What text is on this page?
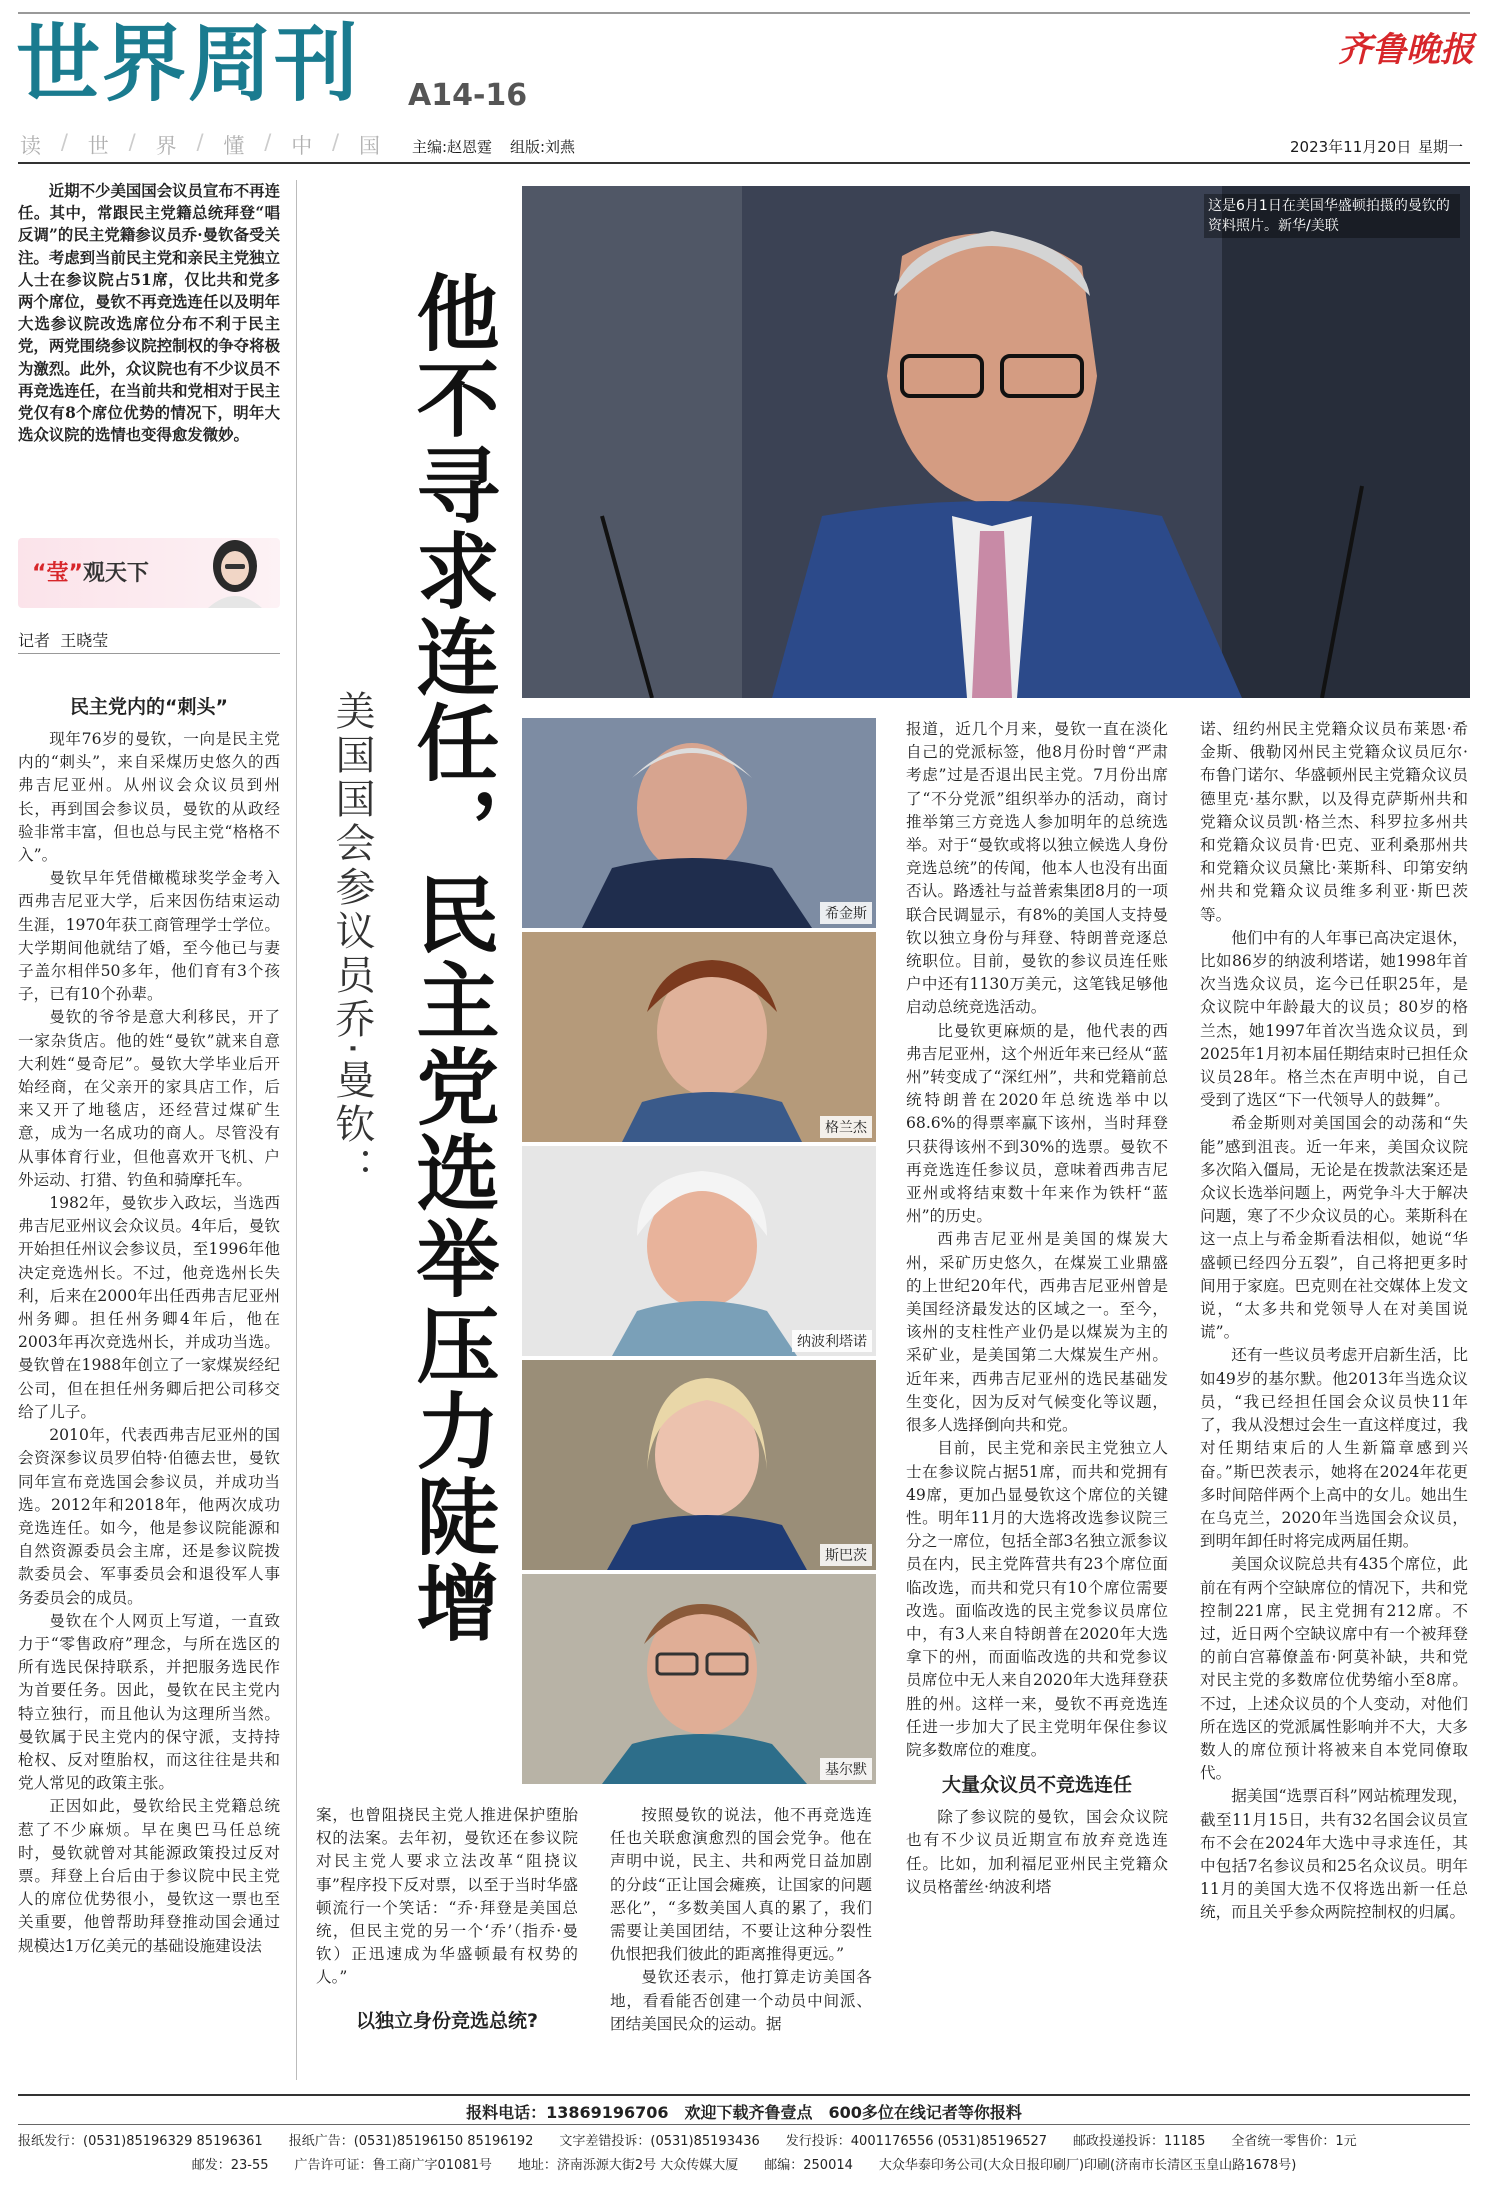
世界周刊 A14-16
齐鲁晚报
读 / 世 / 界 / 懂 / 中 / 国 主编:赵恩霆 组版:刘燕	2023年11月20日 星期一

近期不少美国国会议员宣布不再连任。其中，常跟民主党籍总统拜登“唱反调”的民主党籍参议员乔·曼钦备受关注。考虑到当前民主党和亲民主党独立人士在参议院占51席，仅比共和党多两个席位，曼钦不再竞选连任以及明年大选参议院改选席位分布不利于民主党，两党围绕参议院控制权的争夺将极为激烈。此外，众议院也有不少议员不再竞选连任，在当前共和党相对于民主党仅有8个席位优势的情况下，明年大选众议院的选情也变得愈发微妙。

“莹”观天下
记者 王晓莹	他不寻求连任，民主党选举压力陡增
美国国会参议员乔·曼钦：
这是6月1日在美国华盛顿拍摄的曼钦的资料照片。新华/美联
希金斯
格兰杰
纳波利塔诺
斯巴茨
基尔默
民主党内的“刺头”

现年76岁的曼钦，一向是民主党内的“刺头”，来自采煤历史悠久的西弗吉尼亚州。从州议会众议员到州长，再到国会参议员，曼钦的从政经验非常丰富，但也总与民主党“格格不入”。

曼钦早年凭借橄榄球奖学金考入西弗吉尼亚大学，后来因伤结束运动生涯，1970年获工商管理学士学位。大学期间他就结了婚，至今他已与妻子盖尔相伴50多年，他们育有3个孩子，已有10个孙辈。

曼钦的爷爷是意大利移民，开了一家杂货店。他的姓“曼钦”就来自意大利姓“曼奇尼”。曼钦大学毕业后开始经商，在父亲开的家具店工作，后来又开了地毯店，还经营过煤矿生意，成为一名成功的商人。尽管没有从事体育行业，但他喜欢开飞机、户外运动、打猎、钓鱼和骑摩托车。

1982年，曼钦步入政坛，当选西弗吉尼亚州议会众议员。4年后，曼钦开始担任州议会参议员，至1996年他决定竞选州长。不过，他竞选州长失利，后来在2000年出任西弗吉尼亚州州务卿。担任州务卿4年后，他在2003年再次竞选州长，并成功当选。曼钦曾在1988年创立了一家煤炭经纪公司，但在担任州务卿后把公司移交给了儿子。

2010年，代表西弗吉尼亚州的国会资深参议员罗伯特·伯德去世，曼钦同年宣布竞选国会参议员，并成功当选。2012年和2018年，他两次成功竞选连任。如今，他是参议院能源和自然资源委员会主席，还是参议院拨款委员会、军事委员会和退役军人事务委员会的成员。

曼钦在个人网页上写道，一直致力于“零售政府”理念，与所在选区的所有选民保持联系，并把服务选民作为首要任务。因此，曼钦在民主党内特立独行，而且他认为这理所当然。曼钦属于民主党内的保守派，支持持枪权、反对堕胎权，而这往往是共和党人常见的政策主张。

正因如此，曼钦给民主党籍总统惹了不少麻烦。早在奥巴马任总统时，曼钦就曾对其能源政策投过反对票。拜登上台后由于参议院中民主党人的席位优势很小，曼钦这一票也至关重要，他曾帮助拜登推动国会通过规模达1万亿美元的基础设施建设法

案，也曾阻挠民主党人推进保护堕胎权的法案。去年初，曼钦还在参议院对民主党人要求立法改革“阻挠议事”程序投下反对票，以至于当时华盛顿流行一个笑话：“乔·拜登是美国总统，但民主党的另一个‘乔’（指乔·曼钦）正迅速成为华盛顿最有权势的人。”

以独立身份竞选总统?

按照曼钦的说法，他不再竞选连任也关联愈演愈烈的国会党争。他在声明中说，民主、共和两党日益加剧的分歧“正让国会瘫痪，让国家的问题恶化”，“多数美国人真的累了，我们需要让美国团结，不要让这种分裂性仇恨把我们彼此的距离推得更远。”

曼钦还表示，他打算走访美国各地，看看能否创建一个动员中间派、团结美国民众的运动。据

报道，近几个月来，曼钦一直在淡化自己的党派标签，他8月份时曾“严肃考虑”过是否退出民主党。7月份出席了“不分党派”组织举办的活动，商讨推举第三方竞选人参加明年的总统选举。对于“曼钦或将以独立候选人身份竞选总统”的传闻，他本人也没有出面否认。路透社与益普索集团8月的一项联合民调显示，有8%的美国人支持曼钦以独立身份与拜登、特朗普竞逐总统职位。目前，曼钦的参议员连任账户中还有1130万美元，这笔钱足够他启动总统竞选活动。

比曼钦更麻烦的是，他代表的西弗吉尼亚州，这个州近年来已经从“蓝州”转变成了“深红州”，共和党籍前总统特朗普在2020年总统选举中以68.6%的得票率赢下该州，当时拜登只获得该州不到30%的选票。曼钦不再竞选连任参议员，意味着西弗吉尼亚州或将结束数十年来作为铁杆“蓝州”的历史。

西弗吉尼亚州是美国的煤炭大州，采矿历史悠久，在煤炭工业鼎盛的上世纪20年代，西弗吉尼亚州曾是美国经济最发达的区域之一。至今，该州的支柱性产业仍是以煤炭为主的采矿业，是美国第二大煤炭生产州。近年来，西弗吉尼亚州的选民基础发生变化，因为反对气候变化等议题，很多人选择倒向共和党。

目前，民主党和亲民主党独立人士在参议院占据51席，而共和党拥有49席，更加凸显曼钦这个席位的关键性。明年11月的大选将改选参议院三分之一席位，包括全部3名独立派参议员在内，民主党阵营共有23个席位面临改选，而共和党只有10个席位需要改选。面临改选的民主党参议员席位中，有3人来自特朗普在2020年大选拿下的州，而面临改选的共和党参议员席位中无人来自2020年大选拜登获胜的州。这样一来，曼钦不再竞选连任进一步加大了民主党明年保住参议院多数席位的难度。

大量众议员不竞选连任

除了参议院的曼钦，国会众议院也有不少议员近期宣布放弃竞选连任。比如，加利福尼亚州民主党籍众议员格蕾丝·纳波利塔

诺、纽约州民主党籍众议员布莱恩·希金斯、俄勒冈州民主党籍众议员厄尔·布鲁门诺尔、华盛顿州民主党籍众议员德里克·基尔默，以及得克萨斯州共和党籍众议员凯·格兰杰、科罗拉多州共和党籍众议员肯·巴克、亚利桑那州共和党籍众议员黛比·莱斯科、印第安纳州共和党籍众议员维多利亚·斯巴茨等。

他们中有的人年事已高决定退休，比如86岁的纳波利塔诺，她1998年首次当选众议员，迄今已任职25年，是众议院中年龄最大的议员；80岁的格兰杰，她1997年首次当选众议员，到2025年1月初本届任期结束时已担任众议员28年。格兰杰在声明中说，自己受到了选区“下一代领导人的鼓舞”。

希金斯则对美国国会的动荡和“失能”感到沮丧。近一年来，美国众议院多次陷入僵局，无论是在拨款法案还是众议长选举问题上，两党争斗大于解决问题，寒了不少众议员的心。莱斯科在这一点上与希金斯看法相似，她说“华盛顿已经四分五裂”，自己将把更多时间用于家庭。巴克则在社交媒体上发文说，“太多共和党领导人在对美国说谎”。

还有一些议员考虑开启新生活，比如49岁的基尔默。他2013年当选众议员，“我已经担任国会众议员快11年了，我从没想过会生一直这样度过，我对任期结束后的人生新篇章感到兴奋。”斯巴茨表示，她将在2024年花更多时间陪伴两个上高中的女儿。她出生在乌克兰，2020年当选国会众议员，到明年卸任时将完成两届任期。

美国众议院总共有435个席位，此前在有两个空缺席位的情况下，共和党控制221席，民主党拥有212席。不过，近日两个空缺议席中有一个被拜登的前白宫幕僚盖布·阿莫补缺，共和党对民主党的多数席位优势缩小至8席。不过，上述众议员的个人变动，对他们所在选区的党派属性影响并不大，大多数人的席位预计将被来自本党同僚取代。

据美国“选票百科”网站梳理发现，截至11月15日，共有32名国会议员宣布不会在2024年大选中寻求连任，其中包括7名参议员和25名众议员。明年11月的美国大选不仅将选出新一任总统，而且关乎参众两院控制权的归属。

报料电话：13869196706　欢迎下载齐鲁壹点　600多位在线记者等你报料
报纸发行：(0531)85196329 85196361　　报纸广告：(0531)85196150 85196192　　文字差错投诉：(0531)85193436　　发行投诉：4001176556 (0531)85196527　　邮政投递投诉：11185　　全省统一零售价：1元
邮发：23-55　　广告许可证：鲁工商广字01081号　　地址：济南泺源大街2号 大众传媒大厦　　邮编：250014　　大众华泰印务公司(大众日报印刷厂)印刷(济南市长清区玉皇山路1678号)
